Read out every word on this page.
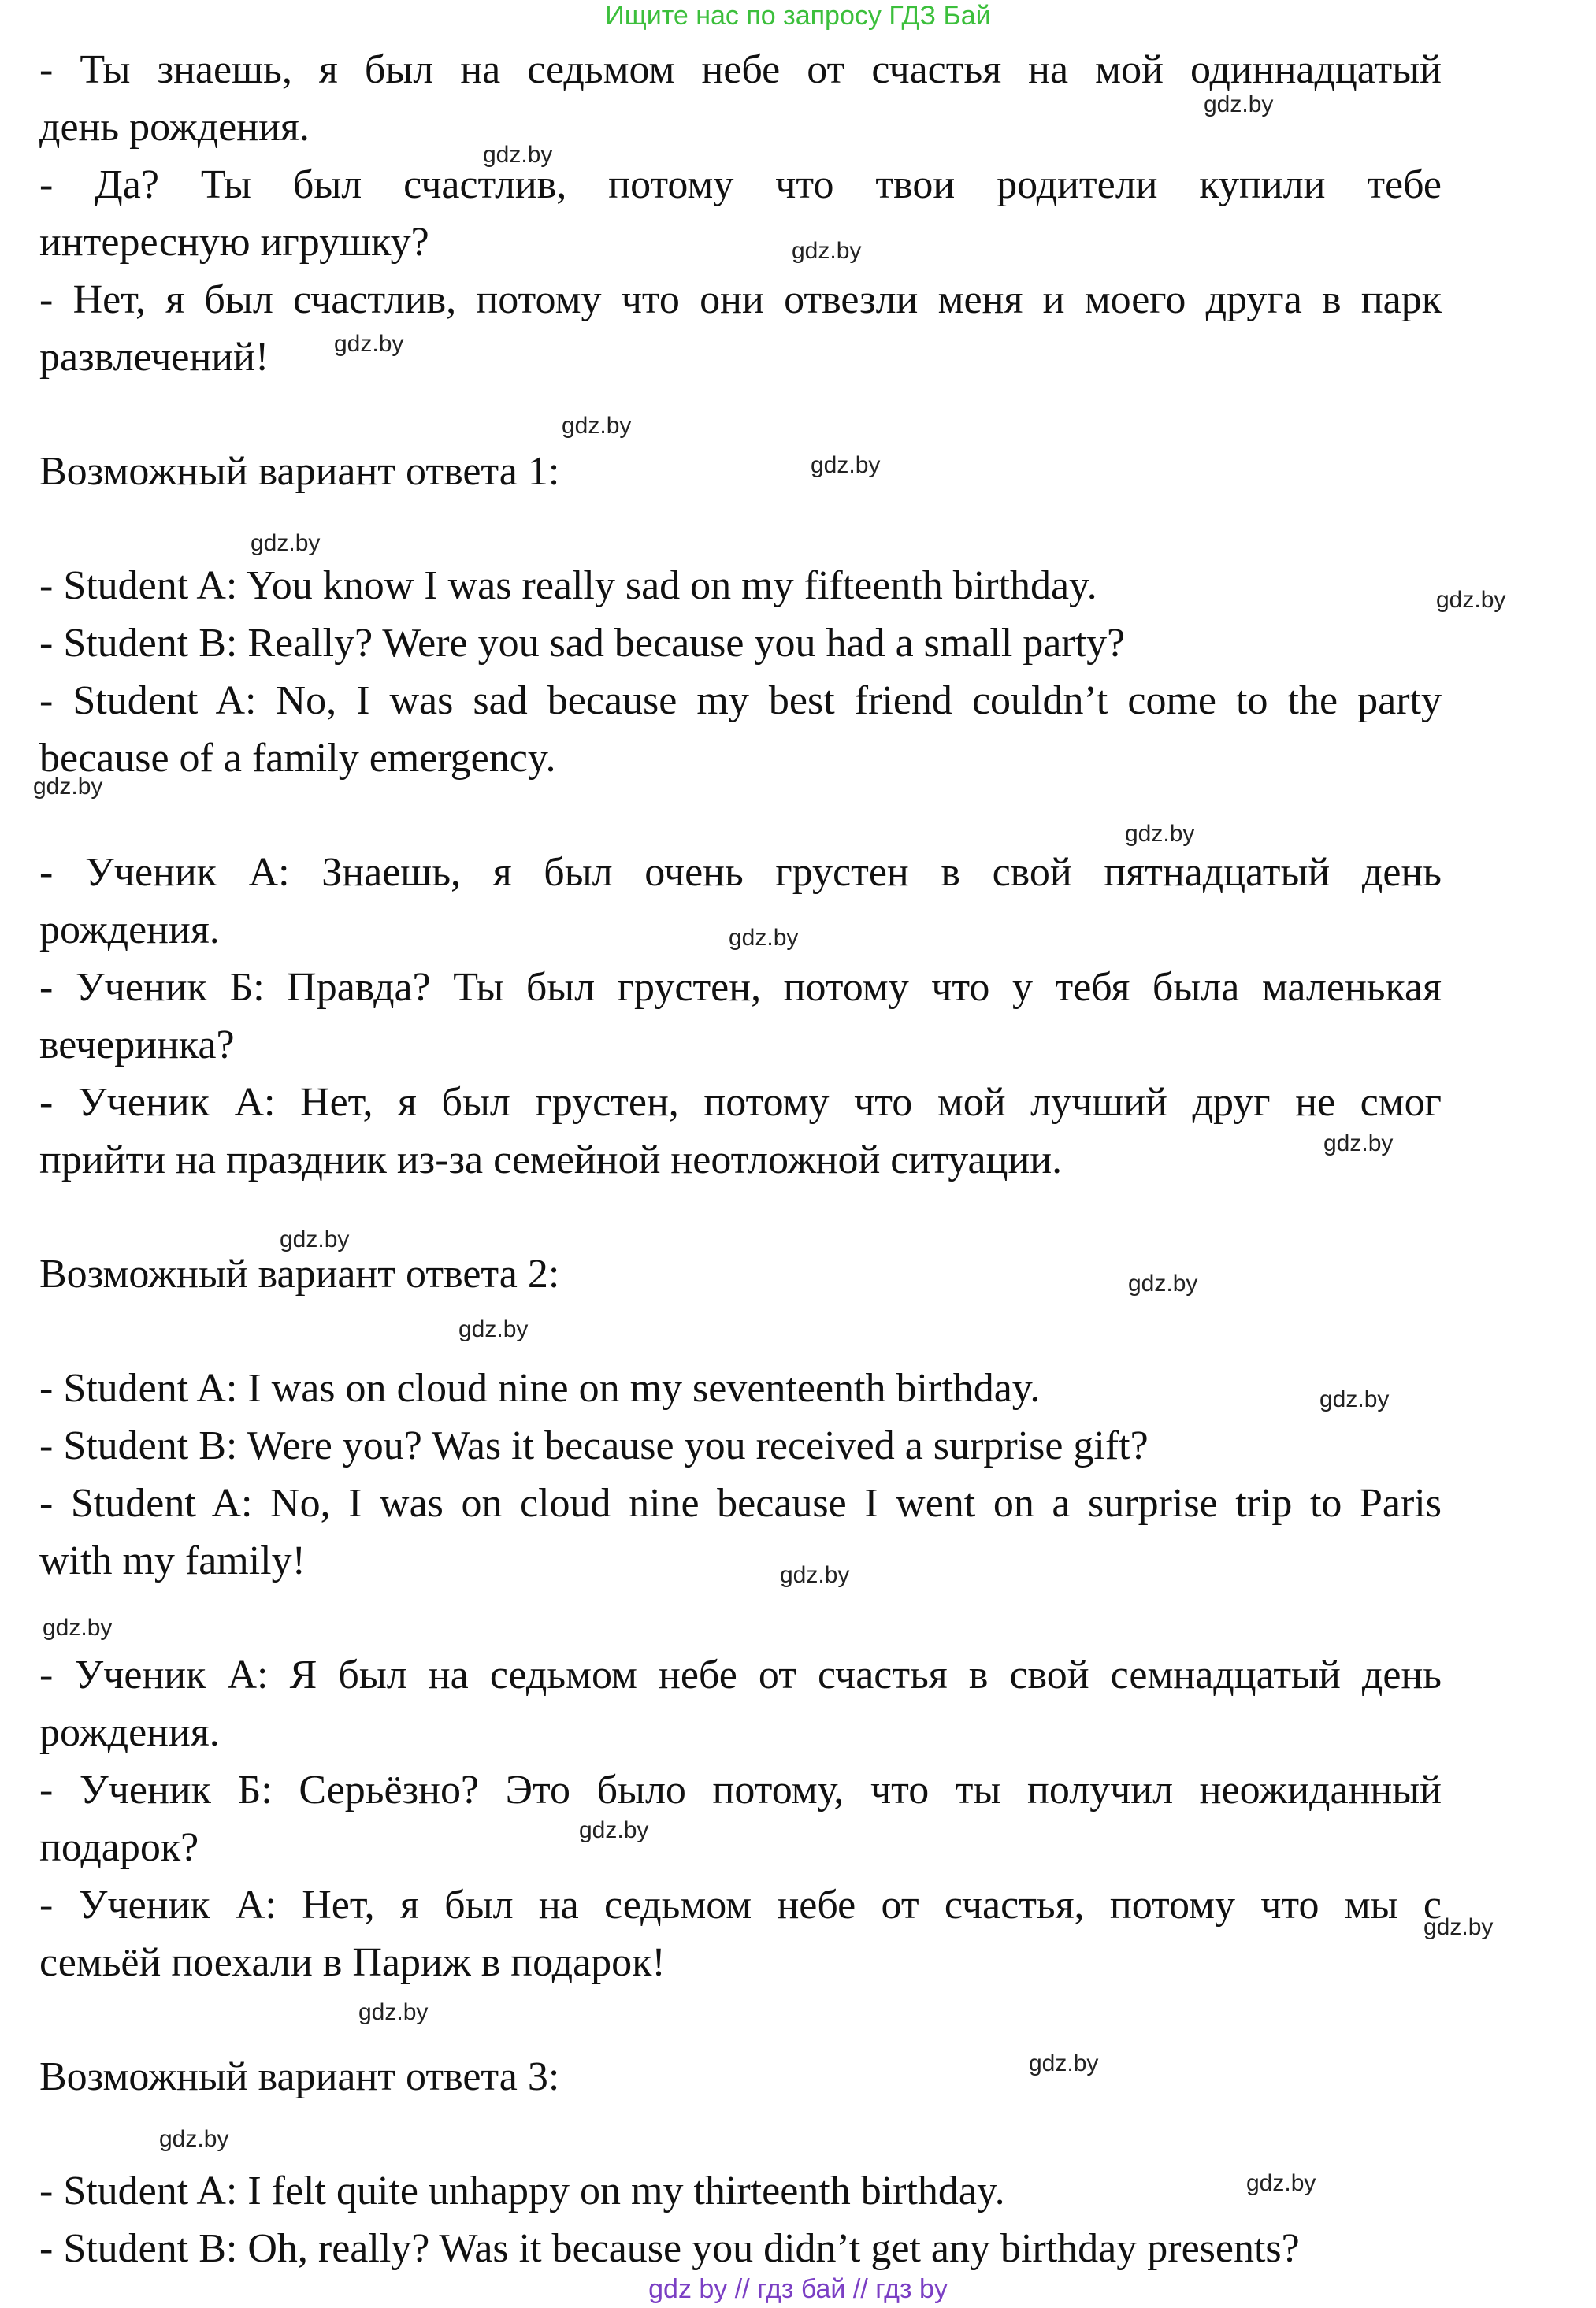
Ищите нас по запросу ГДЗ Бай
- Ты знаешь, я был на седьмом небе от счастья на мой одиннадцатый
день рождения.
- Да? Ты был счастлив, потому что твои родители купили тебе
интересную игрушку?
- Нет, я был счастлив, потому что они отвезли меня и моего друга в парк
развлечений!
Возможный вариант ответа 1:
- Student A: You know I was really sad on my fifteenth birthday.
- Student B: Really? Were you sad because you had a small party?
- Student A: No, I was sad because my best friend couldn’t come to the party
because of a family emergency.
- Ученик А: Знаешь, я был очень грустен в свой пятнадцатый день
рождения.
- Ученик Б: Правда? Ты был грустен, потому что у тебя была маленькая
вечеринка?
- Ученик А: Нет, я был грустен, потому что мой лучший друг не смог
прийти на праздник из-за семейной неотложной ситуации.
Возможный вариант ответа 2:
- Student A: I was on cloud nine on my seventeenth birthday.
- Student B: Were you? Was it because you received a surprise gift?
- Student A: No, I was on cloud nine because I went on a surprise trip to Paris
with my family!
- Ученик А: Я был на седьмом небе от счастья в свой семнадцатый день
рождения.
- Ученик Б: Серьёзно? Это было потому, что ты получил неожиданный
подарок?
- Ученик А: Нет, я был на седьмом небе от счастья, потому что мы с
семьёй поехали в Париж в подарок!
Возможный вариант ответа 3:
- Student A: I felt quite unhappy on my thirteenth birthday.
- Student B: Oh, really? Was it because you didn’t get any birthday presents?
gdz.by
gdz.by
gdz.by
gdz.by
gdz.by
gdz.by
gdz.by
gdz.by
gdz.by
gdz.by
gdz.by
gdz.by
gdz.by
gdz.by
gdz.by
gdz.by
gdz.by
gdz.by
gdz.by
gdz.by
gdz.by
gdz.by
gdz.by
gdz.by
gdz by // гдз бай // гдз by
